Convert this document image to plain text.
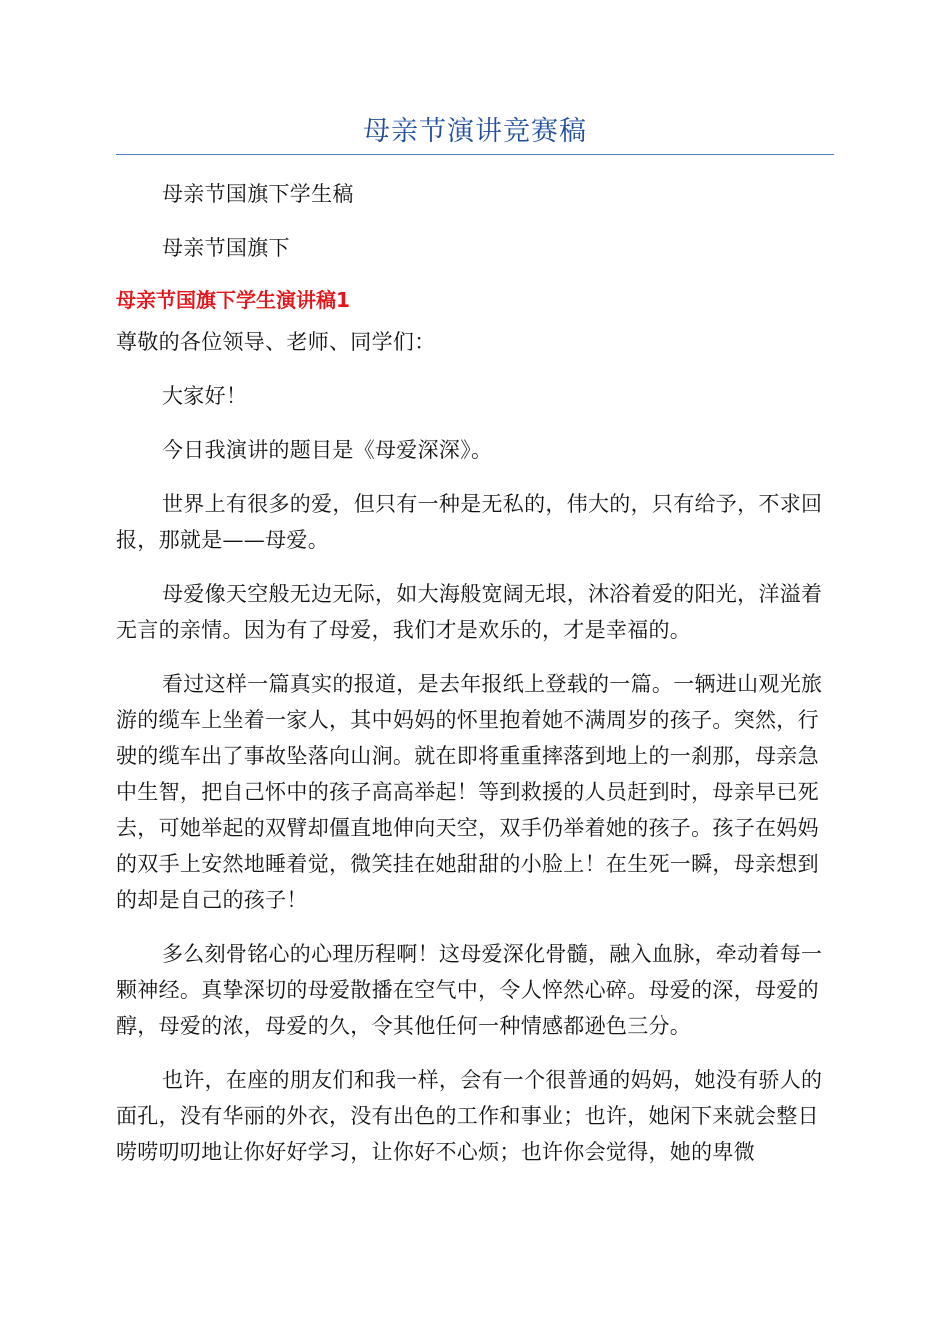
母亲节演讲竞赛稿

母亲节国旗下学生稿

母亲节国旗下

母亲节国旗下学生演讲稿1

尊敬的各位领导、老师、同学们：

大家好！

今日我演讲的题目是《母爱深深》。

世界上有很多的爱，但只有一种是无私的，伟大的，只有给予，不求回报，那就是——母爱。

母爱像天空般无边无际，如大海般宽阔无垠，沐浴着爱的阳光，洋溢着无言的亲情。因为有了母爱，我们才是欢乐的，才是幸福的。

看过这样一篇真实的报道，是去年报纸上登载的一篇。一辆进山观光旅游的缆车上坐着一家人，其中妈妈的怀里抱着她不满周岁的孩子。突然，行驶的缆车出了事故坠落向山涧。就在即将重重摔落到地上的一刹那，母亲急中生智，把自己怀中的孩子高高举起！等到救援的人员赶到时，母亲早已死去，可她举起的双臂却僵直地伸向天空，双手仍举着她的孩子。孩子在妈妈的双手上安然地睡着觉，微笑挂在她甜甜的小脸上！在生死一瞬，母亲想到的却是自己的孩子！

多么刻骨铭心的心理历程啊！这母爱深化骨髓，融入血脉，牵动着每一颗神经。真挚深切的母爱散播在空气中，令人悴然心碎。母爱的深，母爱的醇，母爱的浓，母爱的久，令其他任何一种情感都逊色三分。

也许，在座的朋友们和我一样，会有一个很普通的妈妈，她没有骄人的面孔，没有华丽的外衣，没有出色的工作和事业；也许，她闲下来就会整日唠唠叨叨地让你好好学习，让你好不心烦；也许你会觉得，她的卑微
